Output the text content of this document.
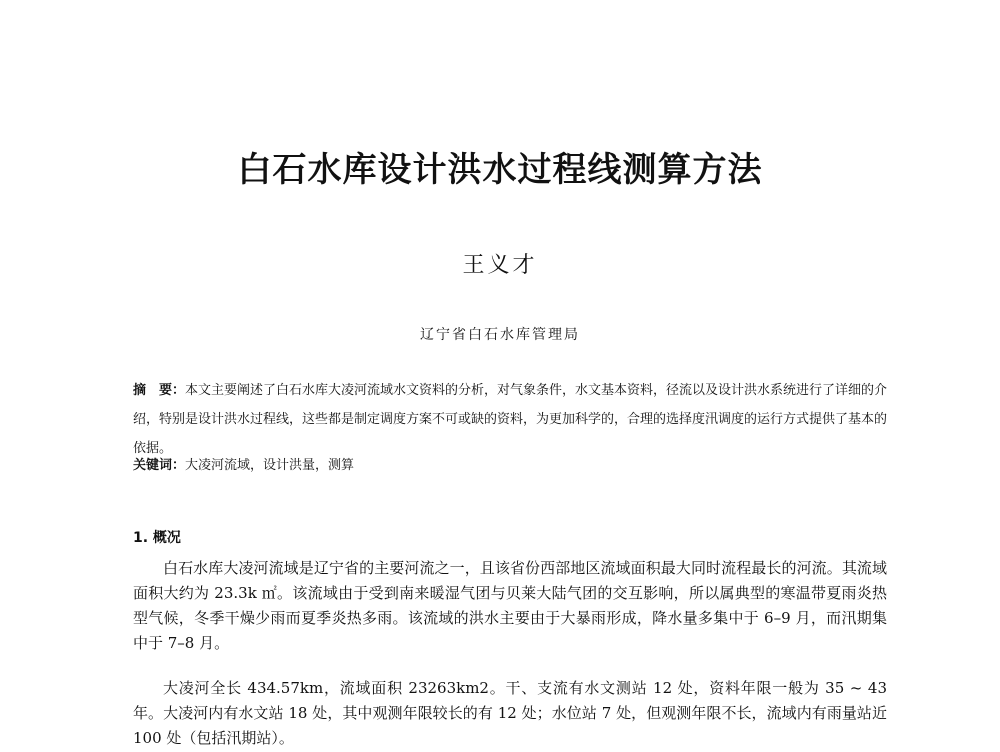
白石水库设计洪水过程线测算方法
王义才
辽宁省白石水库管理局
摘　要：本文主要阐述了白石水库大凌河流域水文资料的分析，对气象条件，水文基本资料，径流以及设计洪水系统进行了详细的介绍，特别是设计洪水过程线，这些都是制定调度方案不可或缺的资料，为更加科学的，合理的选择度汛调度的运行方式提供了基本的依据。
关键词：大凌河流域，设计洪量，测算
1. 概况

白石水库大凌河流域是辽宁省的主要河流之一，且该省份西部地区流域面积最大同时流程最长的河流。其流域面积大约为 23.3k ㎡。该流域由于受到南来暖湿气团与贝莱大陆气团的交互影响，所以属典型的寒温带夏雨炎热型气候，冬季干燥少雨而夏季炎热多雨。该流域的洪水主要由于大暴雨形成，降水量多集中于 6–9 月，而汛期集中于 7–8 月。

大凌河全长 434.57km，流域面积 23263km2。干、支流有水文测站 12 处，资料年限一般为 35 ~ 43 年。大凌河内有水文站 18 处，其中观测年限较长的有 12 处；水位站 7 处，但观测年限不长，流域内有雨量站近 100 处（包括汛期站）。
